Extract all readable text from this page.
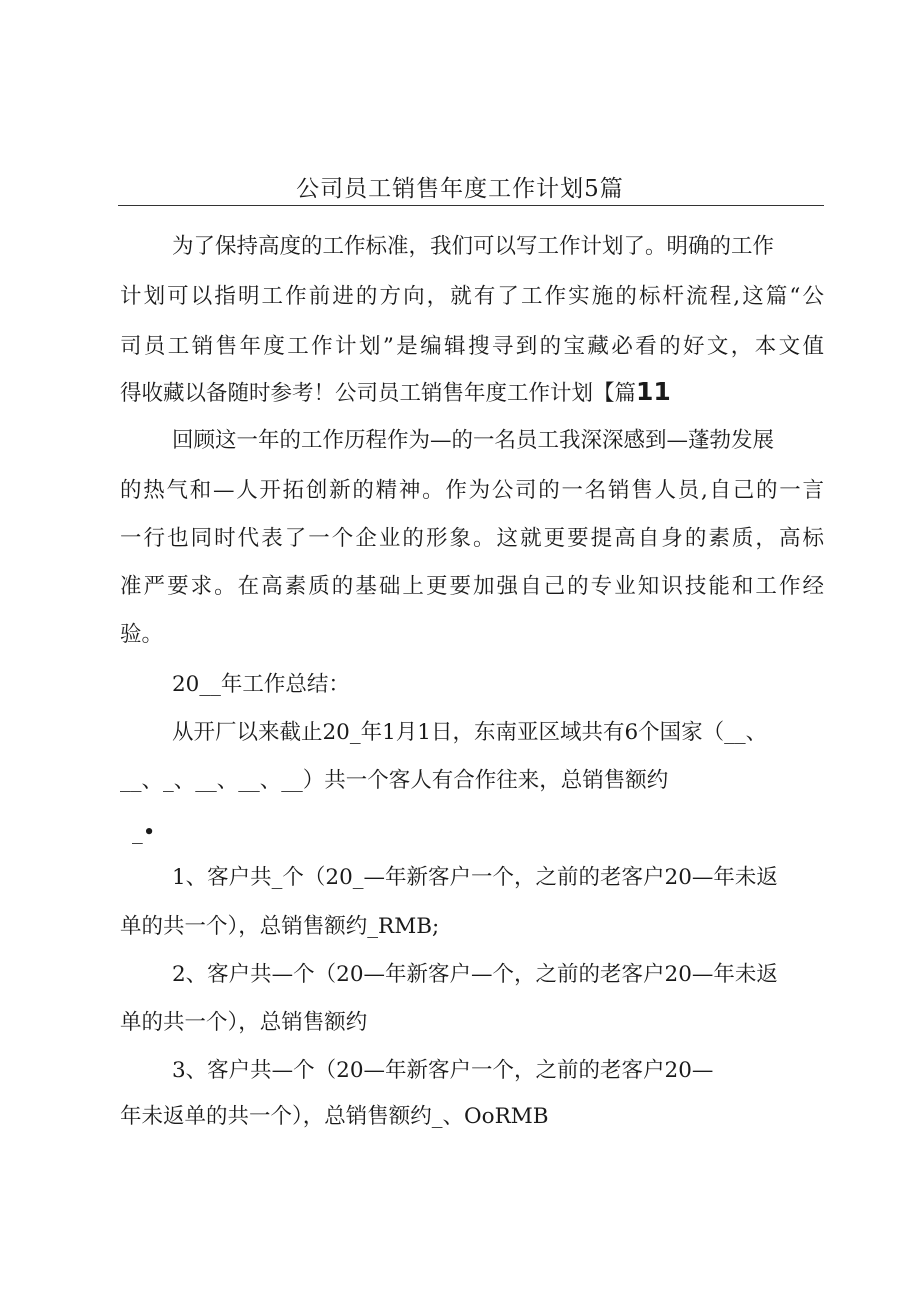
公司员工销售年度工作计划5篇
为了保持高度的工作标准，我们可以写工作计划了。明确的工作
计划可以指明工作前进的方向，就有了工作实施的标杆流程,这篇“公
司员工销售年度工作计划”是编辑搜寻到的宝藏必看的好文，本文值
得收藏以备随时参考！公司员工销售年度工作计划【篇11
回顾这一年的工作历程作为—的一名员工我深深感到—蓬勃发展
的热气和—人开拓创新的精神。作为公司的一名销售人员,自己的一言
一行也同时代表了一个企业的形象。这就更要提高自身的素质，高标
准严要求。在高素质的基础上更要加强自己的专业知识技能和工作经
验。
20__年工作总结：
从开厂以来截止20_年1月1日，东南亚区域共有6个国家（__、
__、_、__、__、__）共一个客人有合作往来，总销售额约
_•
1、客户共_个（20_—年新客户一个，之前的老客户20—年未返
单的共一个），总销售额约_RMB;
2、客户共—个（20—年新客户—个，之前的老客户20—年未返
单的共一个），总销售额约
3、客户共—个（20—年新客户一个，之前的老客户20—
年未返单的共一个），总销售额约_、OoRMB
